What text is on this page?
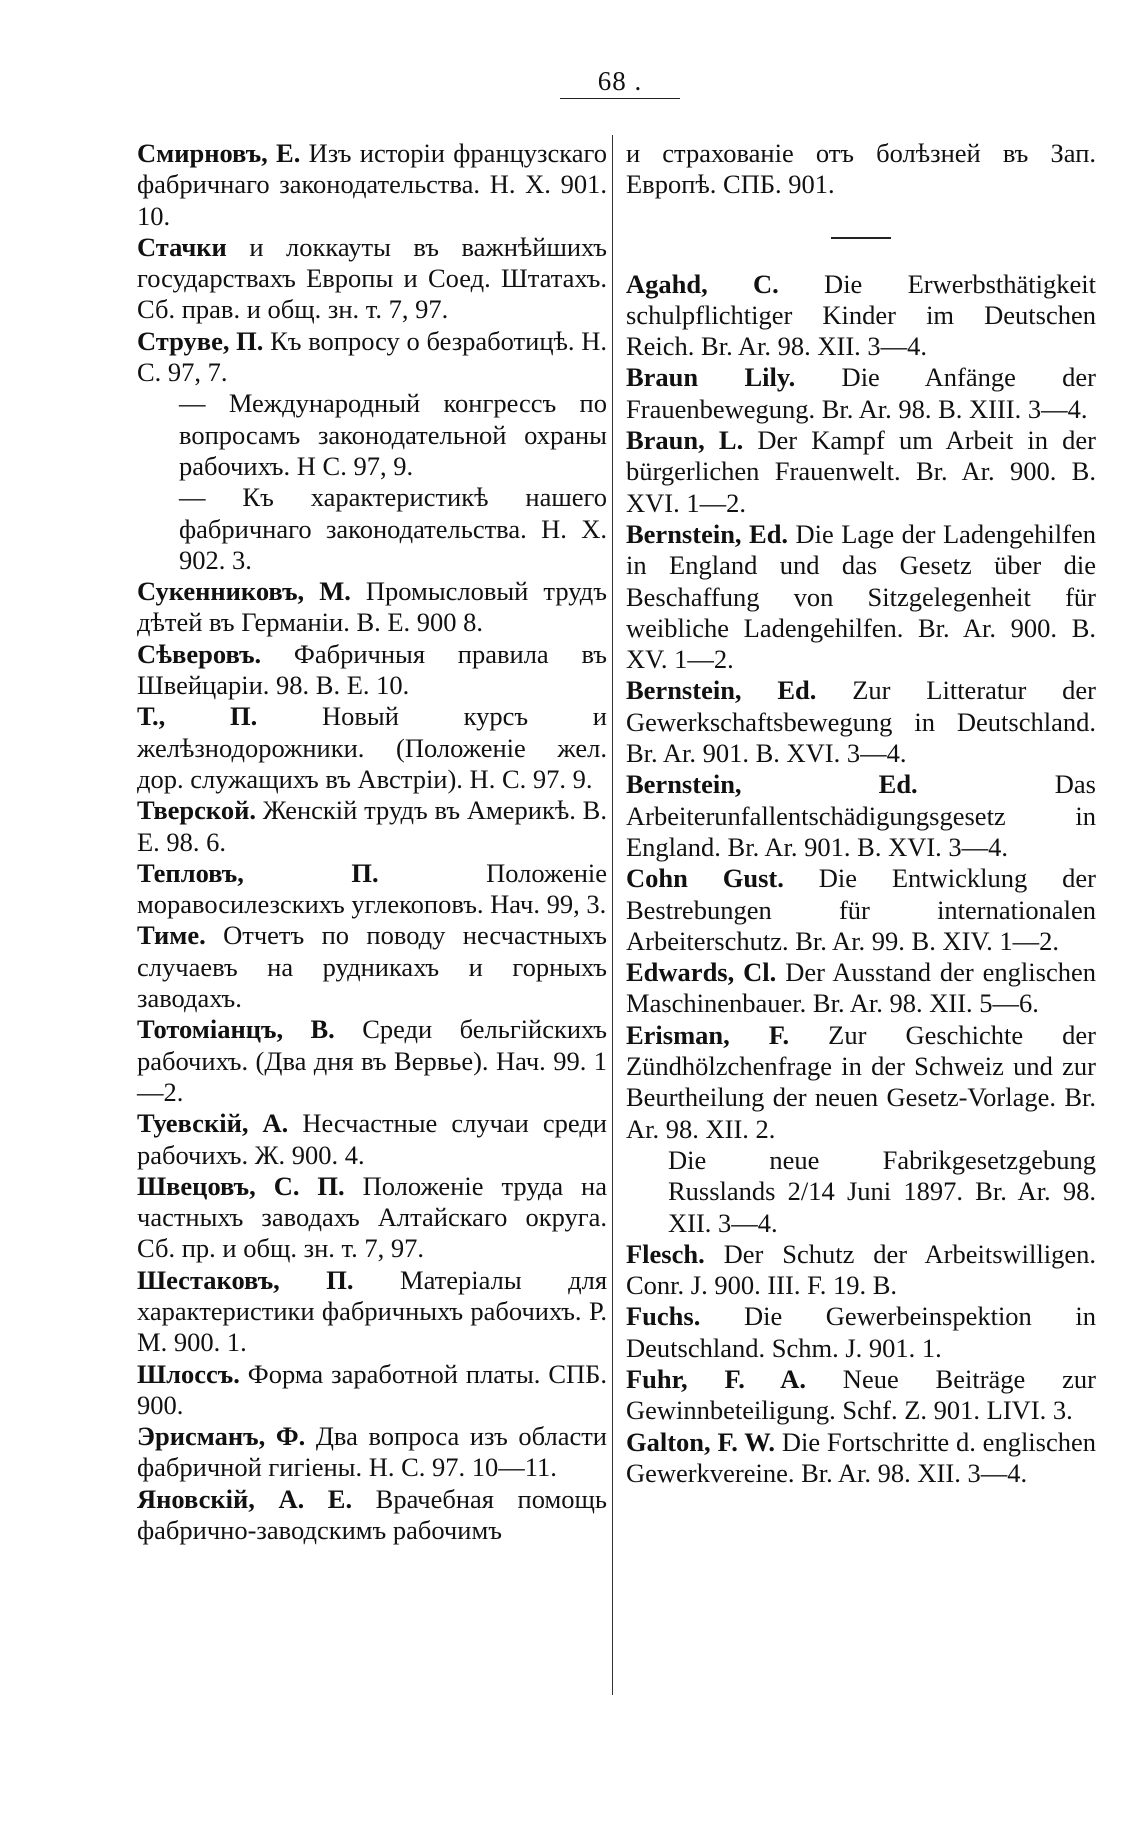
68 .

Смирновъ, Е. Изъ исторіи французскаго фабричнаго законодательства. Н. Х. 901. 10.

Стачки и локкауты въ важнѣйшихъ государствахъ Европы и Соед. Штатахъ. Сб. прав. и общ. зн. т. 7, 97.

Струве, П. Къ вопросу о безработицѣ. Н. С. 97, 7.

— Международный конгрессъ по вопросамъ законодательной охраны рабочихъ. Н С. 97, 9.

— Къ характеристикѣ нашего фабричнаго законодательства. Н. Х. 902. 3.

Сукенниковъ, М. Промысловый трудъ дѣтей въ Германіи. В. Е. 900 8.

Сѣверовъ. Фабричныя правила въ Швейцаріи. 98. В. Е. 10.

Т., П. Новый курсъ и желѣзнодорожники. (Положеніе жел. дор. служащихъ въ Австріи). Н. С. 97. 9.

Тверской. Женскій трудъ въ Америкѣ. В. Е. 98. 6.

Тепловъ, П. Положеніе моравосилезскихъ углекоповъ. Нач. 99, 3.

Тиме. Отчетъ по поводу несчастныхъ случаевъ на рудникахъ и горныхъ заводахъ.

Тотоміанцъ, В. Среди бельгійскихъ рабочихъ. (Два дня въ Вервье). Нач. 99. 1—2.

Туевскій, А. Несчастные случаи среди рабочихъ. Ж. 900. 4.

Швецовъ, С. П. Положеніе труда на частныхъ заводахъ Алтайскаго округа. Сб. пр. и общ. зн. т. 7, 97.

Шестаковъ, П. Матеріалы для характеристики фабричныхъ рабочихъ. Р. М. 900. 1.

Шлоссъ. Форма заработной платы. СПБ. 900.

Эрисманъ, Ф. Два вопроса изъ области фабричной гигіены. Н. С. 97. 10—11.

Яновскій, А. Е. Врачебная помощь фабрично-заводскимъ рабочимъ

и страхованіе отъ болѣзней въ Зап. Европѣ. СПБ. 901.

Agahd, C. Die Erwerbsthätigkeit schulpflichtiger Kinder im Deutschen Reich. Br. Ar. 98. XII. 3—4.

Braun Lily. Die Anfänge der Frauenbewegung. Br. Ar. 98. B. XIII. 3—4.

Braun, L. Der Kampf um Arbeit in der bürgerlichen Frauenwelt. Br. Ar. 900. B. XVI. 1—2.

Bernstein, Ed. Die Lage der Ladengehilfen in England und das Gesetz über die Beschaffung von Sitzgelegenheit für weibliche Ladengehilfen. Br. Ar. 900. B. XV. 1—2.

Bernstein, Ed. Zur Litteratur der Gewerkschaftsbewegung in Deutschland. Br. Ar. 901. B. XVI. 3—4.

Bernstein, Ed. Das Arbeiterunfallentschädigungsgesetz in England. Br. Ar. 901. B. XVI. 3—4.

Cohn Gust. Die Entwicklung der Bestrebungen für internationalen Arbeiterschutz. Br. Ar. 99. B. XIV. 1—2.

Edwards, Cl. Der Ausstand der englischen Maschinenbauer. Br. Ar. 98. XII. 5—6.

Erisman, F. Zur Geschichte der Zündhölzchenfrage in der Schweiz und zur Beurtheilung der neuen Gesetz-Vorlage. Br. Ar. 98. XII. 2.

Die neue Fabrikgesetzgebung Russlands 2/14 Juni 1897. Br. Ar. 98. XII. 3—4.

Flesch. Der Schutz der Arbeitswilligen. Conr. J. 900. III. F. 19. B.

Fuchs. Die Gewerbeinspektion in Deutschland. Schm. J. 901. 1.

Fuhr, F. A. Neue Beiträge zur Gewinnbeteiligung. Schf. Z. 901. LIVI. 3.

Galton, F. W. Die Fortschritte d. englischen Gewerkvereine. Br. Ar. 98. XII. 3—4.
